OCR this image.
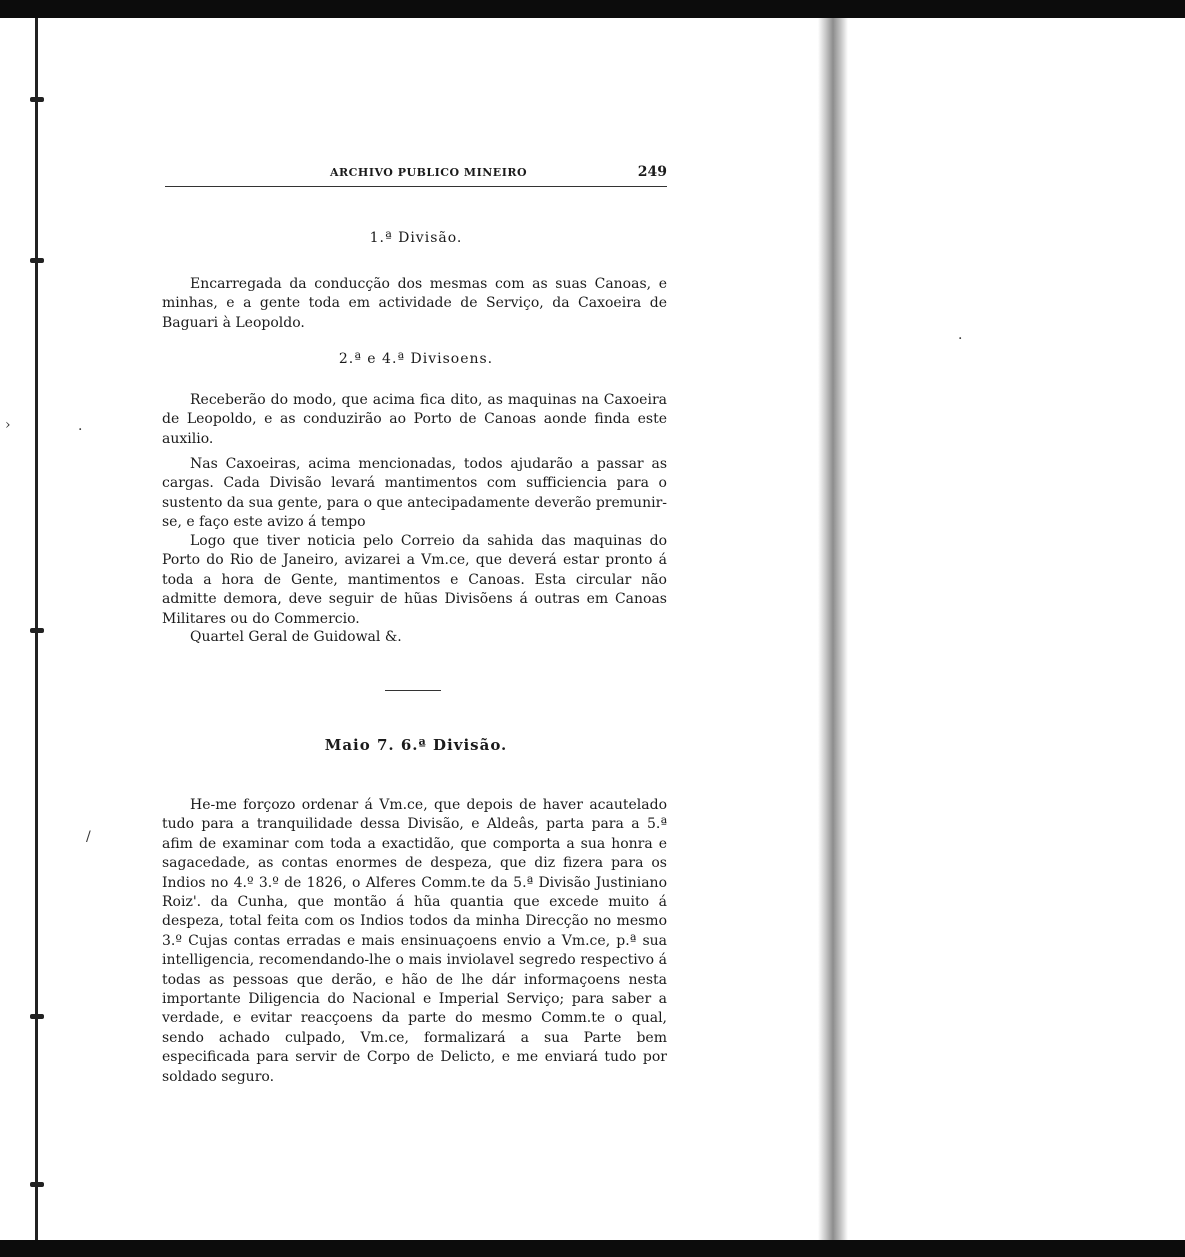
›	·
/
·
ARCHIVO PUBLICO MINEIRO	249
1.ª Divisão.

Encarregada da conducção dos mesmas com as suas Canoas, e minhas, e a gente toda em actividade de Serviço, da Caxoeira de Baguari à Leopoldo.

2.ª e 4.ª Divisoens.

Receberão do modo, que acima fica dito, as maquinas na Caxoeira de Leopoldo, e as conduzirão ao Porto de Canoas aonde finda este auxilio.

Nas Caxoeiras, acima mencionadas, todos ajudarão a passar as cargas. Cada Divisão levará mantimentos com sufficiencia para o sustento da sua gente, para o que antecipadamente deverão premunir-se, e faço este avizo á tempo

Logo que tiver noticia pelo Correio da sahida das maquinas do Porto do Rio de Janeiro, avizarei a Vm.ce, que deverá estar pronto á toda a hora de Gente, mantimentos e Canoas. Esta circular não admitte demora, deve seguir de hũas Divisõens á outras em Canoas Militares ou do Commercio.

Quartel Geral de Guidowal &.

Maio 7. 6.ª Divisão.

He-me forçozo ordenar á Vm.ce, que depois de haver acautelado tudo para a tranquilidade dessa Divisão, e Aldeâs, parta para a 5.ª afim de examinar com toda a exactidão, que comporta a sua honra e sagacedade, as contas enormes de despeza, que diz fizera para os Indios no 4.º 3.º de 1826, o Alferes Comm.te da 5.ª Divisão Justiniano Roiz'. da Cunha, que montão á hũa quantia que excede muito á despeza, total feita com os Indios todos da minha Direcção no mesmo 3.º Cujas contas erradas e mais ensinuaçoens envio a Vm.ce, p.ª sua intelligencia, recomendando-lhe o mais inviolavel segredo respectivo á todas as pessoas que derão, e hão de lhe dár informaçoens nesta importante Diligencia do Nacional e Imperial Serviço; para saber a verdade, e evitar reacçoens da parte do mesmo Comm.te o qual, sendo achado culpado, Vm.ce, formalizará a sua Parte bem especificada para servir de Corpo de Delicto, e me enviará tudo por soldado seguro.
